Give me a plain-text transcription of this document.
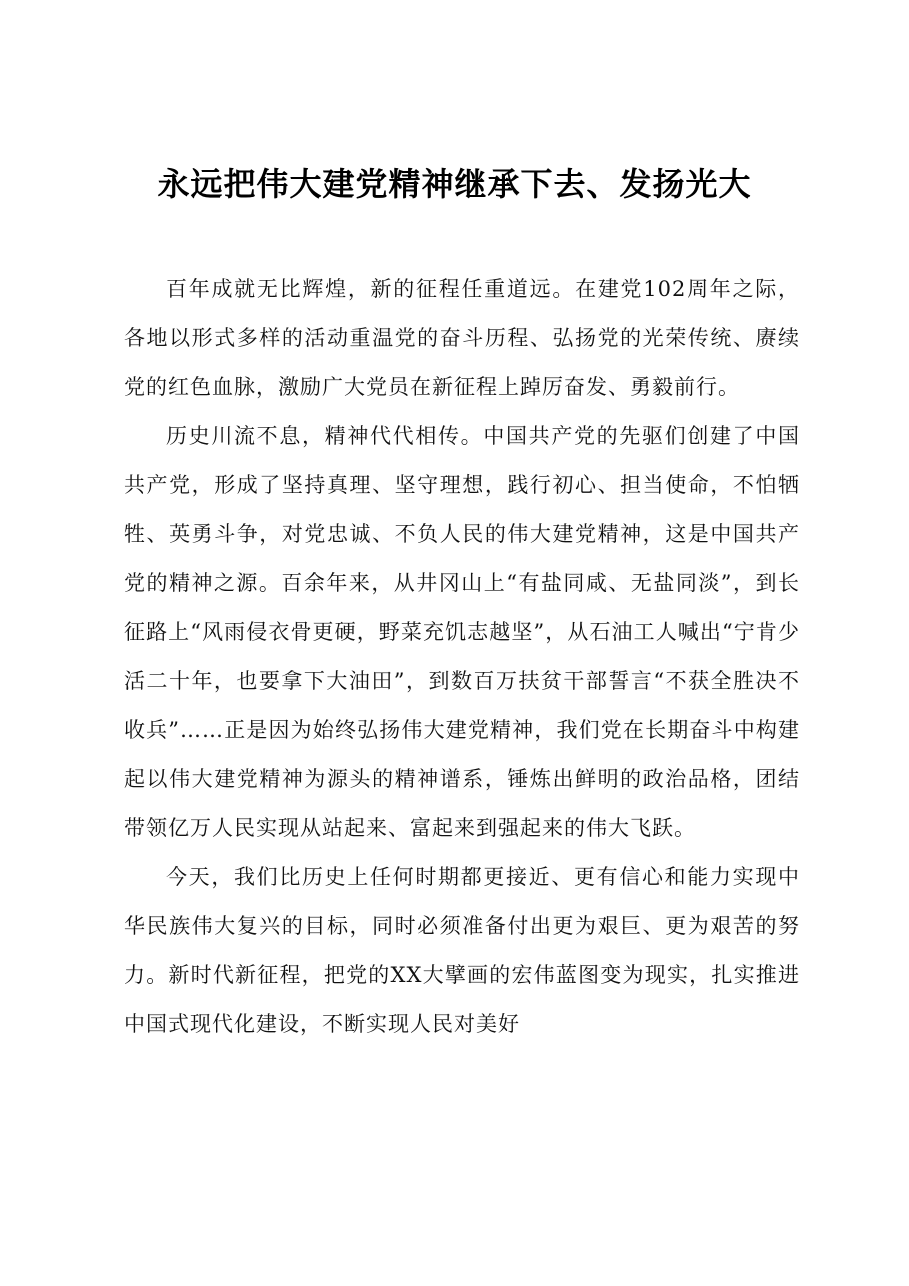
永远把伟大建党精神继承下去、发扬光大

百年成就无比辉煌，新的征程任重道远。在建党102周年之际，各地以形式多样的活动重温党的奋斗历程、弘扬党的光荣传统、赓续党的红色血脉，激励广大党员在新征程上踔厉奋发、勇毅前行。

历史川流不息，精神代代相传。中国共产党的先驱们创建了中国共产党，形成了坚持真理、坚守理想，践行初心、担当使命，不怕牺牲、英勇斗争，对党忠诚、不负人民的伟大建党精神，这是中国共产党的精神之源。百余年来，从井冈山上“有盐同咸、无盐同淡”，到长征路上“风雨侵衣骨更硬，野菜充饥志越坚”，从石油工人喊出“宁肯少活二十年，也要拿下大油田”，到数百万扶贫干部誓言“不获全胜决不收兵”……正是因为始终弘扬伟大建党精神，我们党在长期奋斗中构建起以伟大建党精神为源头的精神谱系，锤炼出鲜明的政治品格，团结带领亿万人民实现从站起来、富起来到强起来的伟大飞跃。

今天，我们比历史上任何时期都更接近、更有信心和能力实现中华民族伟大复兴的目标，同时必须准备付出更为艰巨、更为艰苦的努力。新时代新征程，把党的XX大擘画的宏伟蓝图变为现实，扎实推进中国式现代化建设，不断实现人民对美好
